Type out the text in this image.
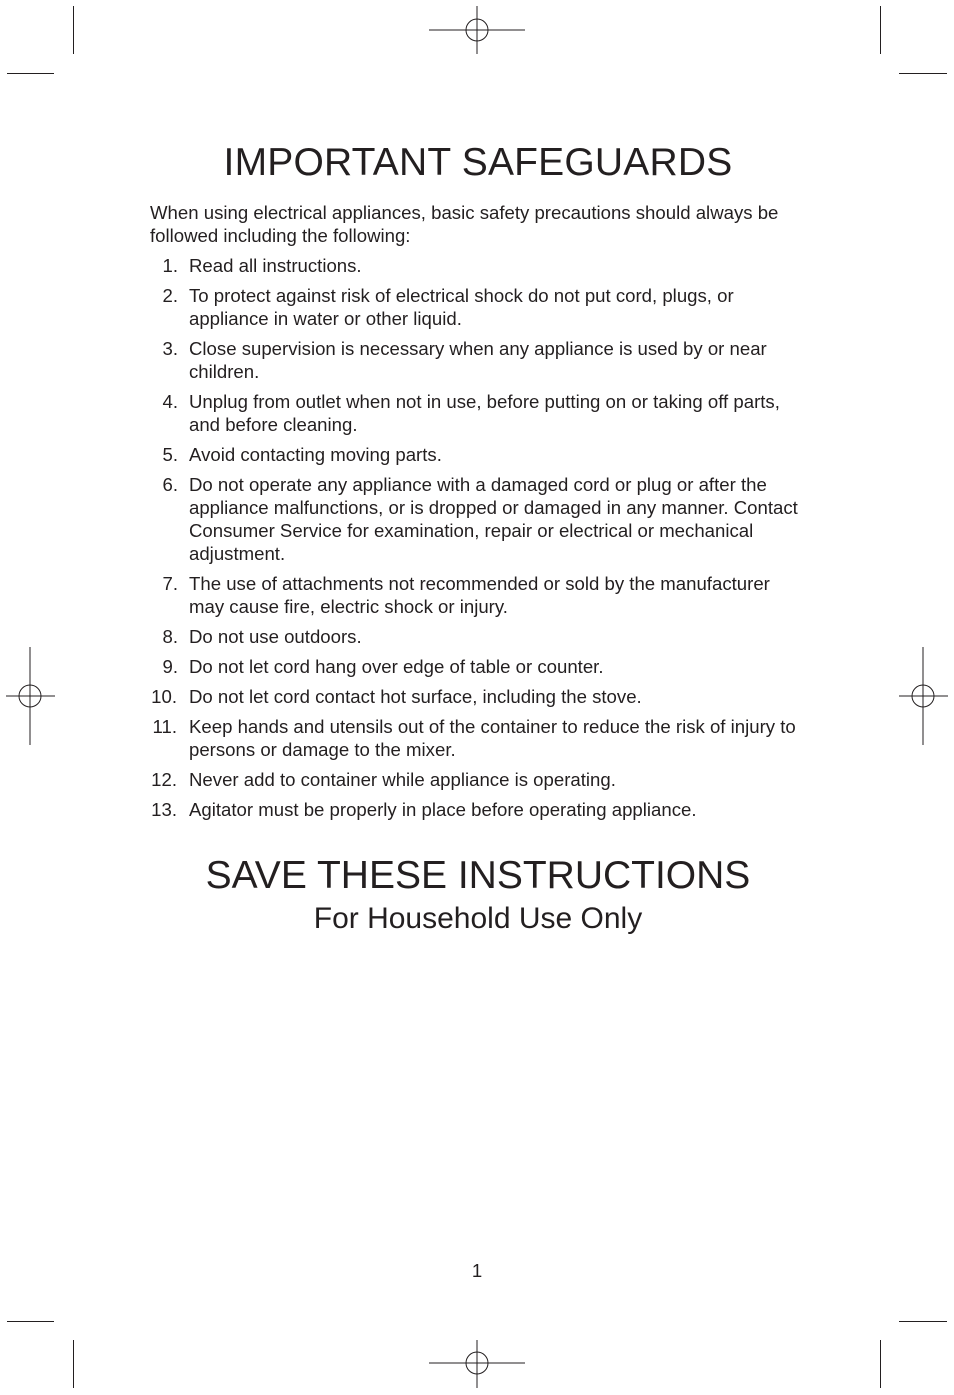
IMPORTANT SAFEGUARDS

When using electrical appliances, basic safety precautions should always be followed including the following:

1. Read all instructions.
2. To protect against risk of electrical shock do not put cord, plugs, or appliance in water or other liquid.
3. Close supervision is necessary when any appliance is used by or near children.
4. Unplug from outlet when not in use, before putting on or taking off parts, and before cleaning.
5. Avoid contacting moving parts.
6. Do not operate any appliance with a damaged cord or plug or after the appliance malfunctions, or is dropped or damaged in any manner. Contact Consumer Service for examination, repair or electrical or mechanical adjustment.
7. The use of attachments not recommended or sold by the manufacturer may cause fire, electric shock or injury.
8. Do not use outdoors.
9. Do not let cord hang over edge of table or counter.
10. Do not let cord contact hot surface, including the stove.
11. Keep hands and utensils out of the container to reduce the risk of injury to persons or damage to the mixer.
12. Never add to container while appliance is operating.
13. Agitator must be properly in place before operating appliance.
SAVE THESE INSTRUCTIONS

For Household Use Only

1
